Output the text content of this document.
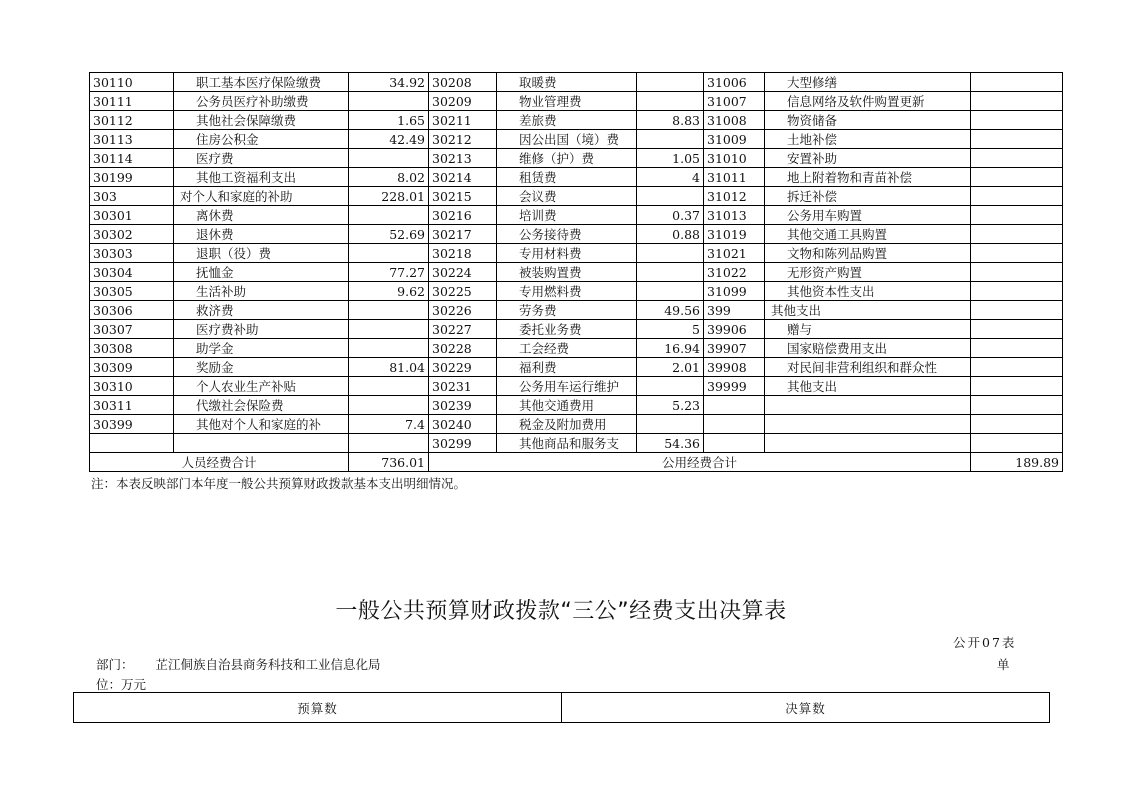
30110	职工基本医疗保险缴费	34.92	30208	取暖费		31006	大型修缮	
30111	公务员医疗补助缴费		30209	物业管理费		31007	信息网络及软件购置更新	
30112	其他社会保障缴费	1.65	30211	差旅费	8.83	31008	物资储备	
30113	住房公积金	42.49	30212	因公出国（境）费		31009	土地补偿	
30114	医疗费		30213	维修（护）费	1.05	31010	安置补助	
30199	其他工资福利支出	8.02	30214	租赁费	4	31011	地上附着物和青苗补偿	
303	对个人和家庭的补助	228.01	30215	会议费		31012	拆迁补偿	
30301	离休费		30216	培训费	0.37	31013	公务用车购置	
30302	退休费	52.69	30217	公务接待费	0.88	31019	其他交通工具购置	
30303	退职（役）费		30218	专用材料费		31021	文物和陈列品购置	
30304	抚恤金	77.27	30224	被装购置费		31022	无形资产购置	
30305	生活补助	9.62	30225	专用燃料费		31099	其他资本性支出	
30306	救济费		30226	劳务费	49.56	399	其他支出	
30307	医疗费补助		30227	委托业务费	5	39906	赠与	
30308	助学金		30228	工会经费	16.94	39907	国家赔偿费用支出	
30309	奖励金	81.04	30229	福利费	2.01	39908	对民间非营利组织和群众性	
30310	个人农业生产补贴		30231	公务用车运行维护		39999	其他支出	
30311	代缴社会保险费		30239	其他交通费用	5.23			
30399	其他对个人和家庭的补	7.4	30240	税金及附加费用				
			30299	其他商品和服务支	54.36			
人员经费合计		736.01	公用经费合计					189.89
注：本表反映部门本年度一般公共预算财政拨款基本支出明细情况。
一般公共预算财政拨款“三公”经费支出决算表
公开07表
部门： 芷江侗族自治县商务科技和工业信息化局	单
位：万元
预算数	决算数
